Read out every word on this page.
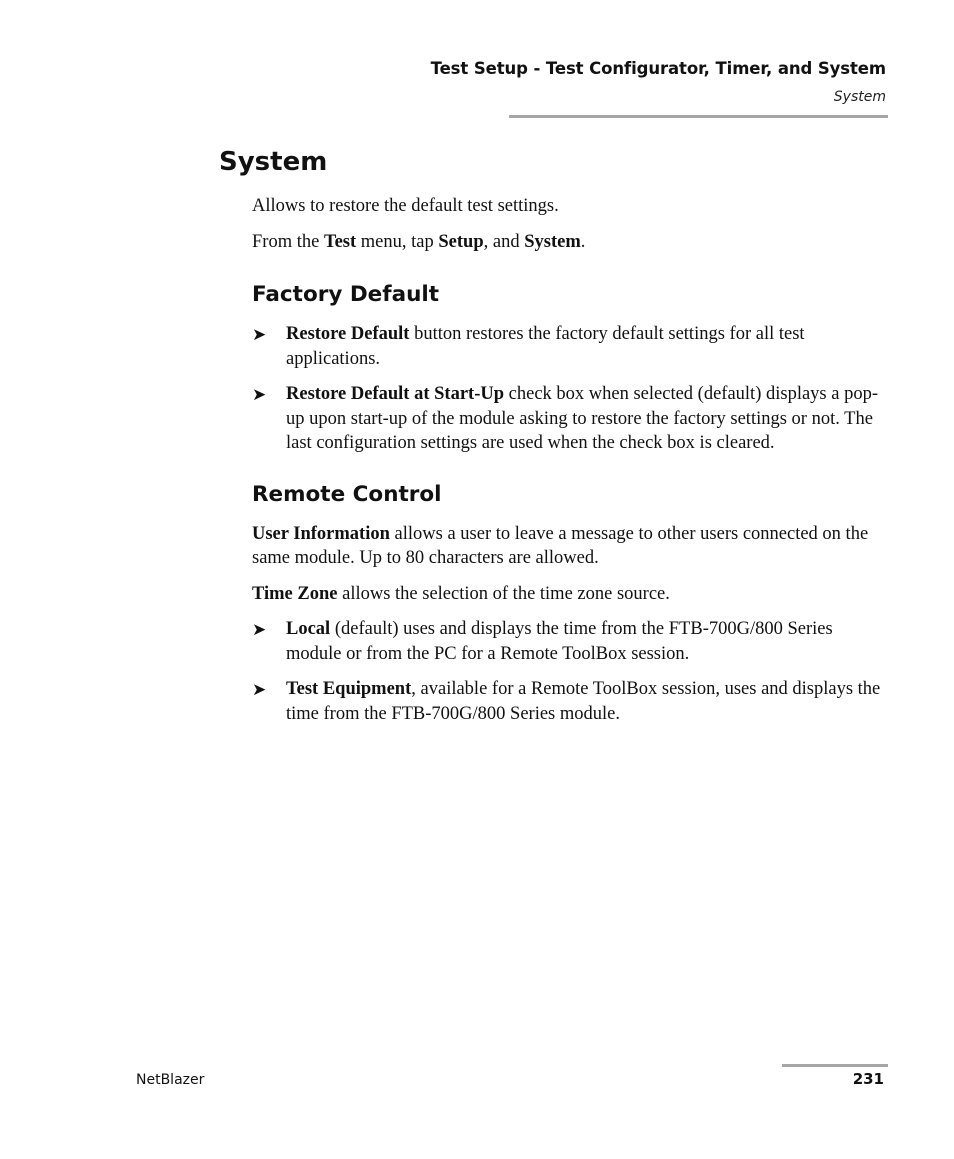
Test Setup - Test Configurator, Timer, and System
System
System

Allows to restore the default test settings.

From the Test menu, tap Setup, and System.

Factory Default
➤ Restore Default button restores the factory default settings for all test applications.
➤ Restore Default at Start-Up check box when selected (default) displays a pop-up upon start-up of the module asking to restore the factory settings or not. The last configuration settings are used when the check box is cleared.
Remote Control

User Information allows a user to leave a message to other users connected on the same module. Up to 80 characters are allowed.

Time Zone allows the selection of the time zone source.

➤ Local (default) uses and displays the time from the FTB-700G/800 Series module or from the PC for a Remote ToolBox session.
➤ Test Equipment, available for a Remote ToolBox session, uses and displays the time from the FTB-700G/800 Series module.
NetBlazer	231
